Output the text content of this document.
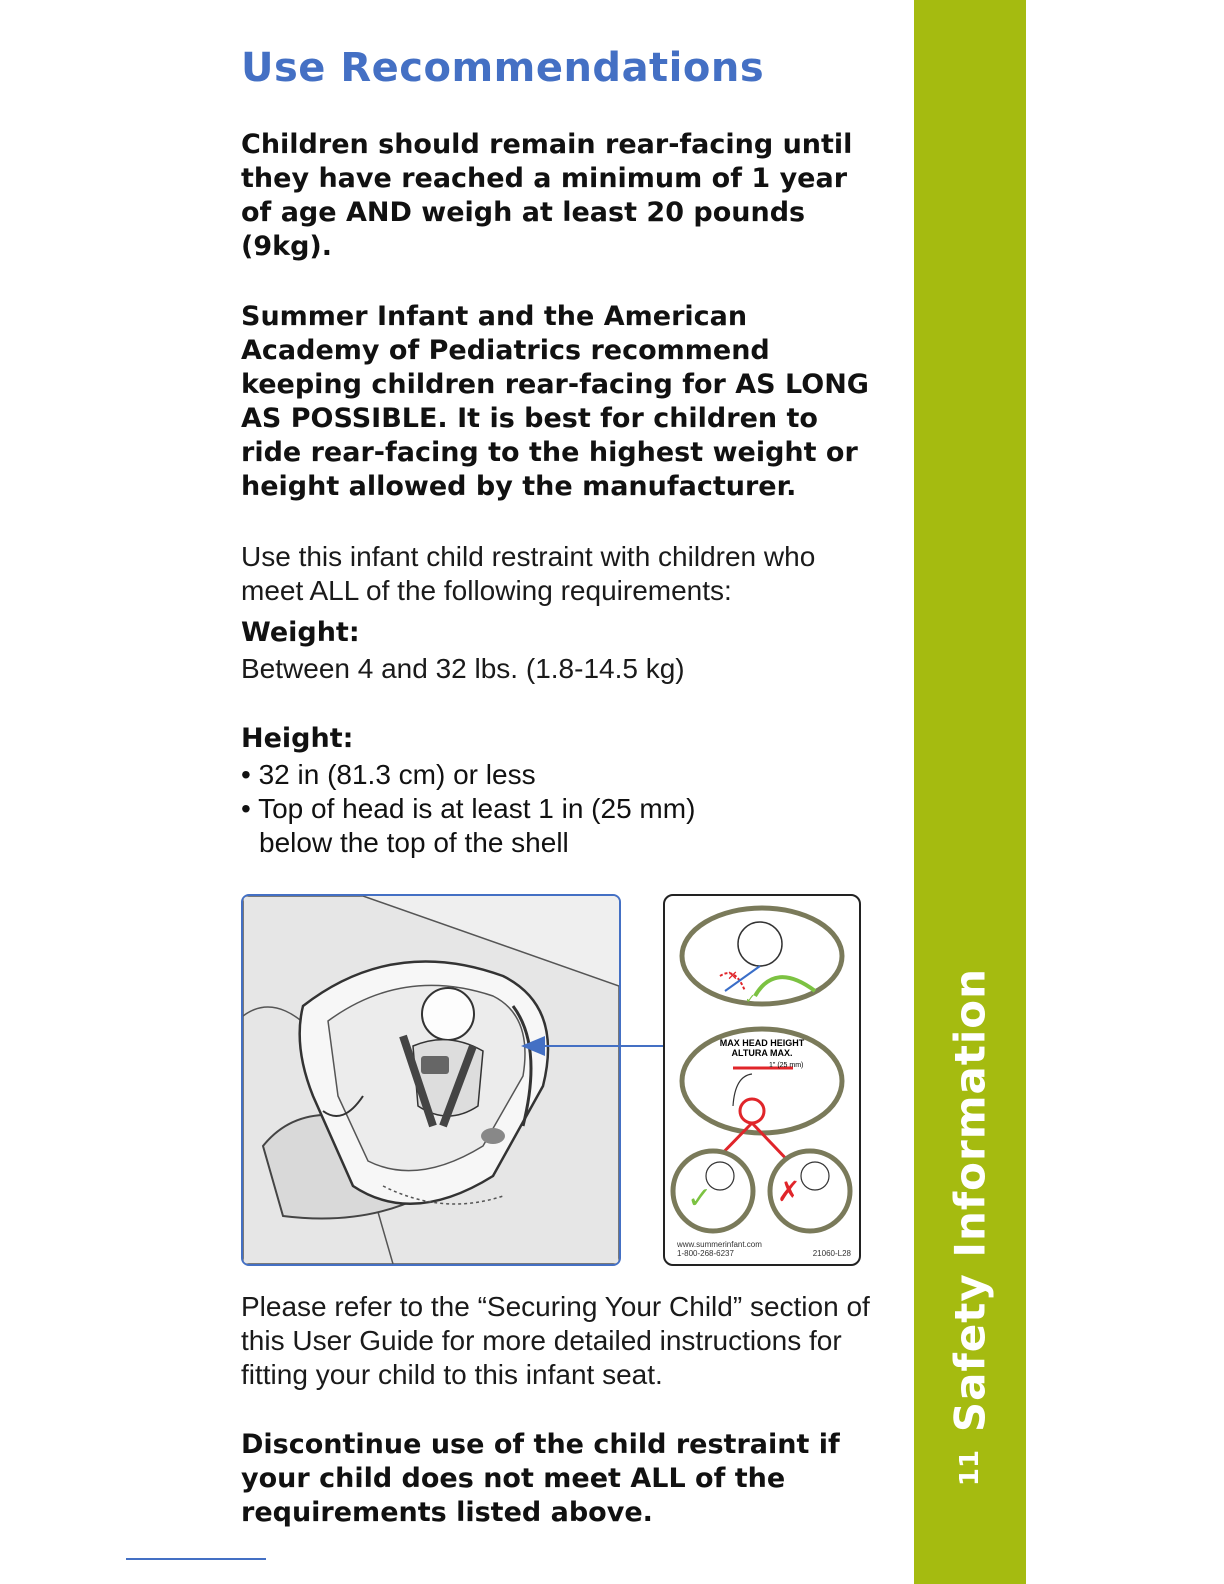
Use Recommendations

Children should remain rear-facing until they have reached a minimum of 1 year of age AND weigh at least 20 pounds (9kg).

Summer Infant and the American Academy of Pediatrics recommend keeping children rear-facing for AS LONG AS POSSIBLE. It is best for children to ride rear-facing to the highest weight or height allowed by the manufacturer.

Use this infant child restraint with children who meet ALL of the following requirements:

Weight:
Between 4 and 32 lbs. (1.8-14.5 kg)
Height:
• 32 in (81.3 cm) or less
• Top of head is at least 1 in (25 mm)
below the top of the shell
✕
✓
MAX HEAD HEIGHT
ALTURA MAX.
1" (25 mm)
✓ ✗
www.summerinfant.com
1-800-268-6237	21060-L28

Please refer to the “Securing Your Child” section of this User Guide for more detailed instructions for fitting your child to this infant seat.

Discontinue use of the child restraint if your child does not meet ALL of the requirements listed above.

Safety Information
11
